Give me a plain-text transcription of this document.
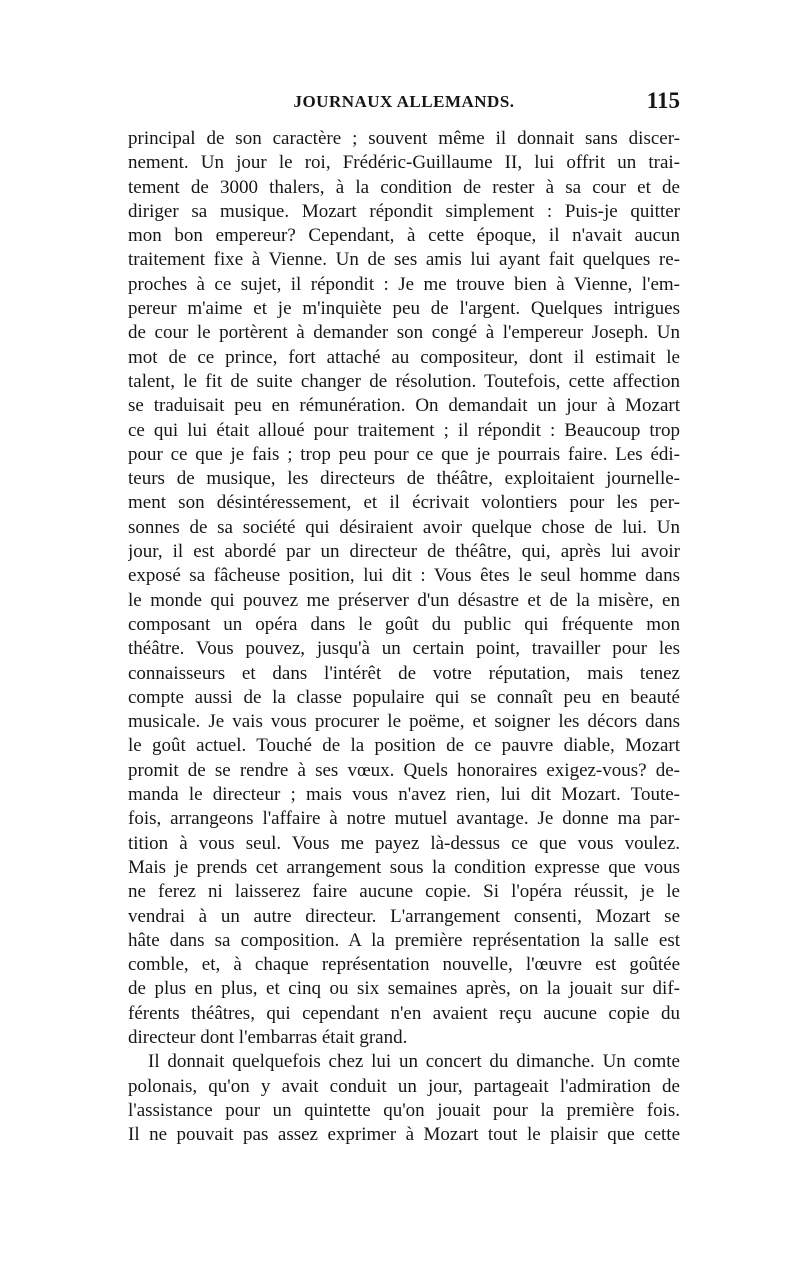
JOURNAUX ALLEMANDS.	115
principal de son caractère ; souvent même il donnait sans discer-
nement. Un jour le roi, Frédéric-Guillaume II, lui offrit un trai-
tement de 3000 thalers, à la condition de rester à sa cour et de
diriger sa musique. Mozart répondit simplement : Puis-je quitter
mon bon empereur? Cependant, à cette époque, il n'avait aucun
traitement fixe à Vienne. Un de ses amis lui ayant fait quelques re-
proches à ce sujet, il répondit : Je me trouve bien à Vienne, l'em-
pereur m'aime et je m'inquiète peu de l'argent. Quelques intrigues
de cour le portèrent à demander son congé à l'empereur Joseph. Un
mot de ce prince, fort attaché au compositeur, dont il estimait le
talent, le fit de suite changer de résolution. Toutefois, cette affection
se traduisait peu en rémunération. On demandait un jour à Mozart
ce qui lui était alloué pour traitement ; il répondit : Beaucoup trop
pour ce que je fais ; trop peu pour ce que je pourrais faire. Les édi-
teurs de musique, les directeurs de théâtre, exploitaient journelle-
ment son désintéressement, et il écrivait volontiers pour les per-
sonnes de sa société qui désiraient avoir quelque chose de lui. Un
jour, il est abordé par un directeur de théâtre, qui, après lui avoir
exposé sa fâcheuse position, lui dit : Vous êtes le seul homme dans
le monde qui pouvez me préserver d'un désastre et de la misère, en
composant un opéra dans le goût du public qui fréquente mon
théâtre. Vous pouvez, jusqu'à un certain point, travailler pour les
connaisseurs et dans l'intérêt de votre réputation, mais tenez
compte aussi de la classe populaire qui se connaît peu en beauté
musicale. Je vais vous procurer le poëme, et soigner les décors dans
le goût actuel. Touché de la position de ce pauvre diable, Mozart
promit de se rendre à ses vœux. Quels honoraires exigez-vous? de-
manda le directeur ; mais vous n'avez rien, lui dit Mozart. Toute-
fois, arrangeons l'affaire à notre mutuel avantage. Je donne ma par-
tition à vous seul. Vous me payez là-dessus ce que vous voulez.
Mais je prends cet arrangement sous la condition expresse que vous
ne ferez ni laisserez faire aucune copie. Si l'opéra réussit, je le
vendrai à un autre directeur. L'arrangement consenti, Mozart se
hâte dans sa composition. A la première représentation la salle est
comble, et, à chaque représentation nouvelle, l'œuvre est goûtée
de plus en plus, et cinq ou six semaines après, on la jouait sur dif-
férents théâtres, qui cependant n'en avaient reçu aucune copie du
directeur dont l'embarras était grand.
Il donnait quelquefois chez lui un concert du dimanche. Un comte
polonais, qu'on y avait conduit un jour, partageait l'admiration de
l'assistance pour un quintette qu'on jouait pour la première fois.
Il ne pouvait pas assez exprimer à Mozart tout le plaisir que cette
